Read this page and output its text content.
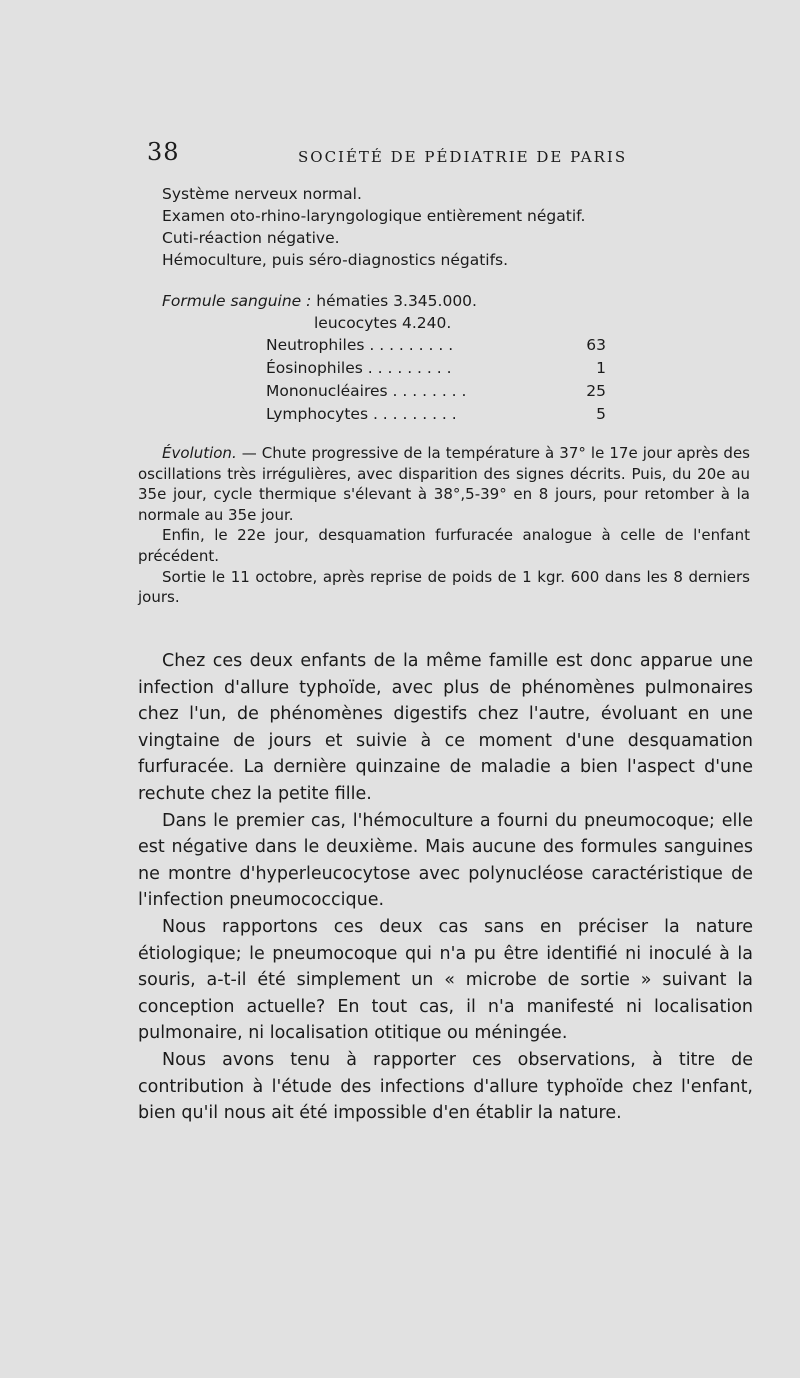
38	SOCIÉTÉ DE PÉDIATRIE DE PARIS

Système nerveux normal.

Examen oto-rhino-laryngologique entièrement négatif.

Cuti-réaction négative.

Hémoculture, puis séro-diagnostics négatifs.

Formule sanguine : hématies 3.345.000.
leucocytes 4.240.
Neutrophiles . . . . . . . . .	63
Éosinophiles . . . . . . . . .	1
Mononucléaires . . . . . . . .	25
Lymphocytes . . . . . . . . .	5

Évolution. — Chute progressive de la température à 37° le 17e jour après des oscillations très irrégulières, avec disparition des signes décrits. Puis, du 20e au 35e jour, cycle thermique s'élevant à 38°,5-39° en 8 jours, pour retomber à la normale au 35e jour.

Enfin, le 22e jour, desquamation furfuracée analogue à celle de l'enfant précédent.

Sortie le 11 octobre, après reprise de poids de 1 kgr. 600 dans les 8 derniers jours.

Chez ces deux enfants de la même famille est donc apparue une infection d'allure typhoïde, avec plus de phénomènes pulmonaires chez l'un, de phénomènes digestifs chez l'autre, évoluant en une vingtaine de jours et suivie à ce moment d'une desquamation furfuracée. La dernière quinzaine de maladie a bien l'aspect d'une rechute chez la petite fille.

Dans le premier cas, l'hémoculture a fourni du pneumocoque; elle est négative dans le deuxième. Mais aucune des formules sanguines ne montre d'hyperleucocytose avec polynucléose caractéristique de l'infection pneumococcique.

Nous rapportons ces deux cas sans en préciser la nature étiologique; le pneumocoque qui n'a pu être identifié ni inoculé à la souris, a-t-il été simplement un « microbe de sortie » suivant la conception actuelle? En tout cas, il n'a manifesté ni localisation pulmonaire, ni localisation otitique ou méningée.

Nous avons tenu à rapporter ces observations, à titre de contribution à l'étude des infections d'allure typhoïde chez l'enfant, bien qu'il nous ait été impossible d'en établir la nature.
